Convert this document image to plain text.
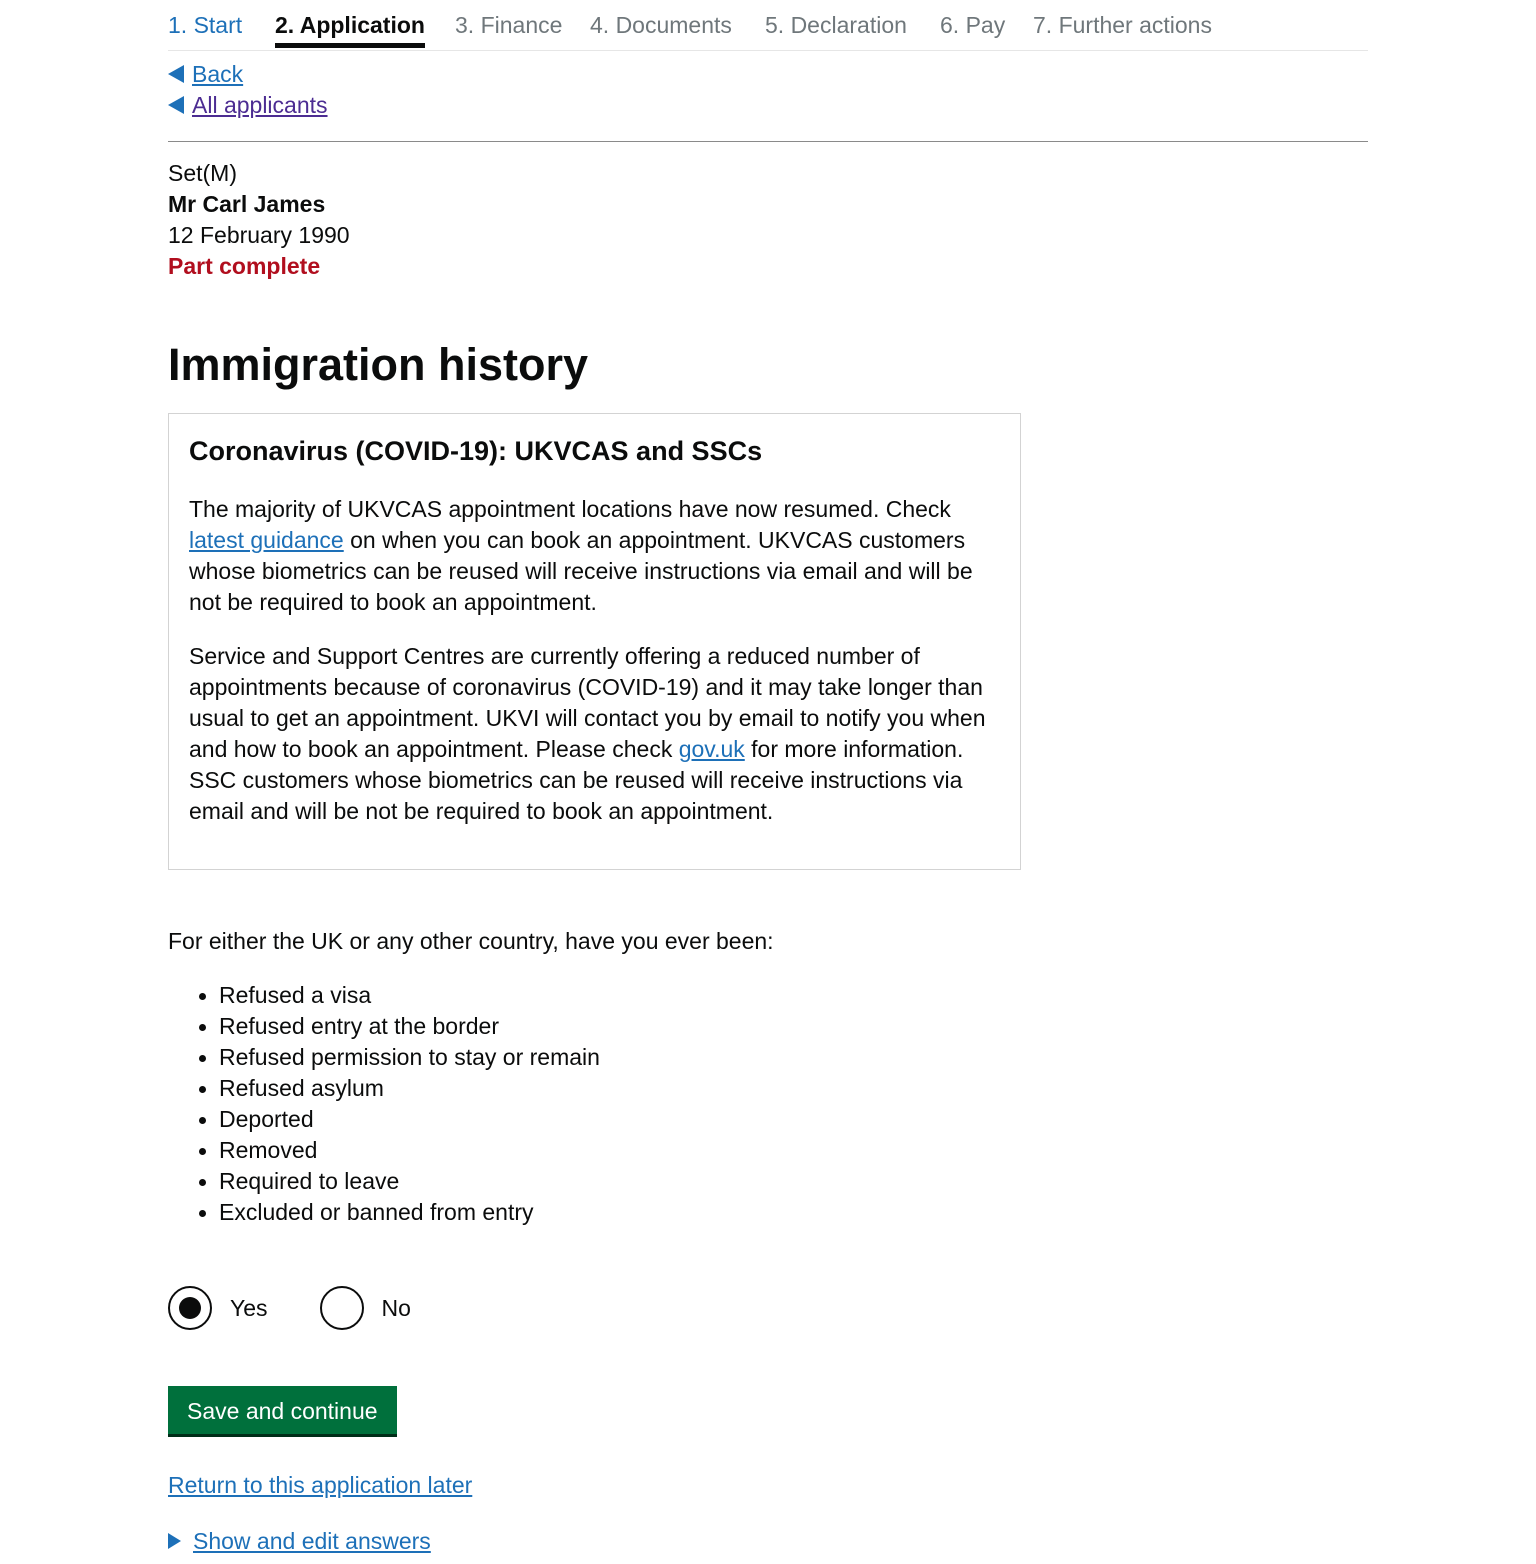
1. Start 2. Application 3. Finance 4. Documents 5. Declaration 6. Pay 7. Further actions
Back
All applicants
Set(M)
Mr Carl James
12 February 1990
Part complete
Immigration history
Coronavirus (COVID-19): UKVCAS and SSCs

The majority of UKVCAS appointment locations have now resumed. Check latest guidance on when you can book an appointment. UKVCAS customers whose biometrics can be reused will receive instructions via email and will be not be required to book an appointment.

Service and Support Centres are currently offering a reduced number of appointments because of coronavirus (COVID-19) and it may take longer than usual to get an appointment. UKVI will contact you by email to notify you when and how to book an appointment. Please check gov.uk for more information. SSC customers whose biometrics can be reused will receive instructions via email and will be not be required to book an appointment.

For either the UK or any other country, have you ever been:
Refused a visa
Refused entry at the border
Refused permission to stay or remain
Refused asylum
Deported
Removed
Required to leave
Excluded or banned from entry
Yes	No
Save and continue
Return to this application later
Show and edit answers
